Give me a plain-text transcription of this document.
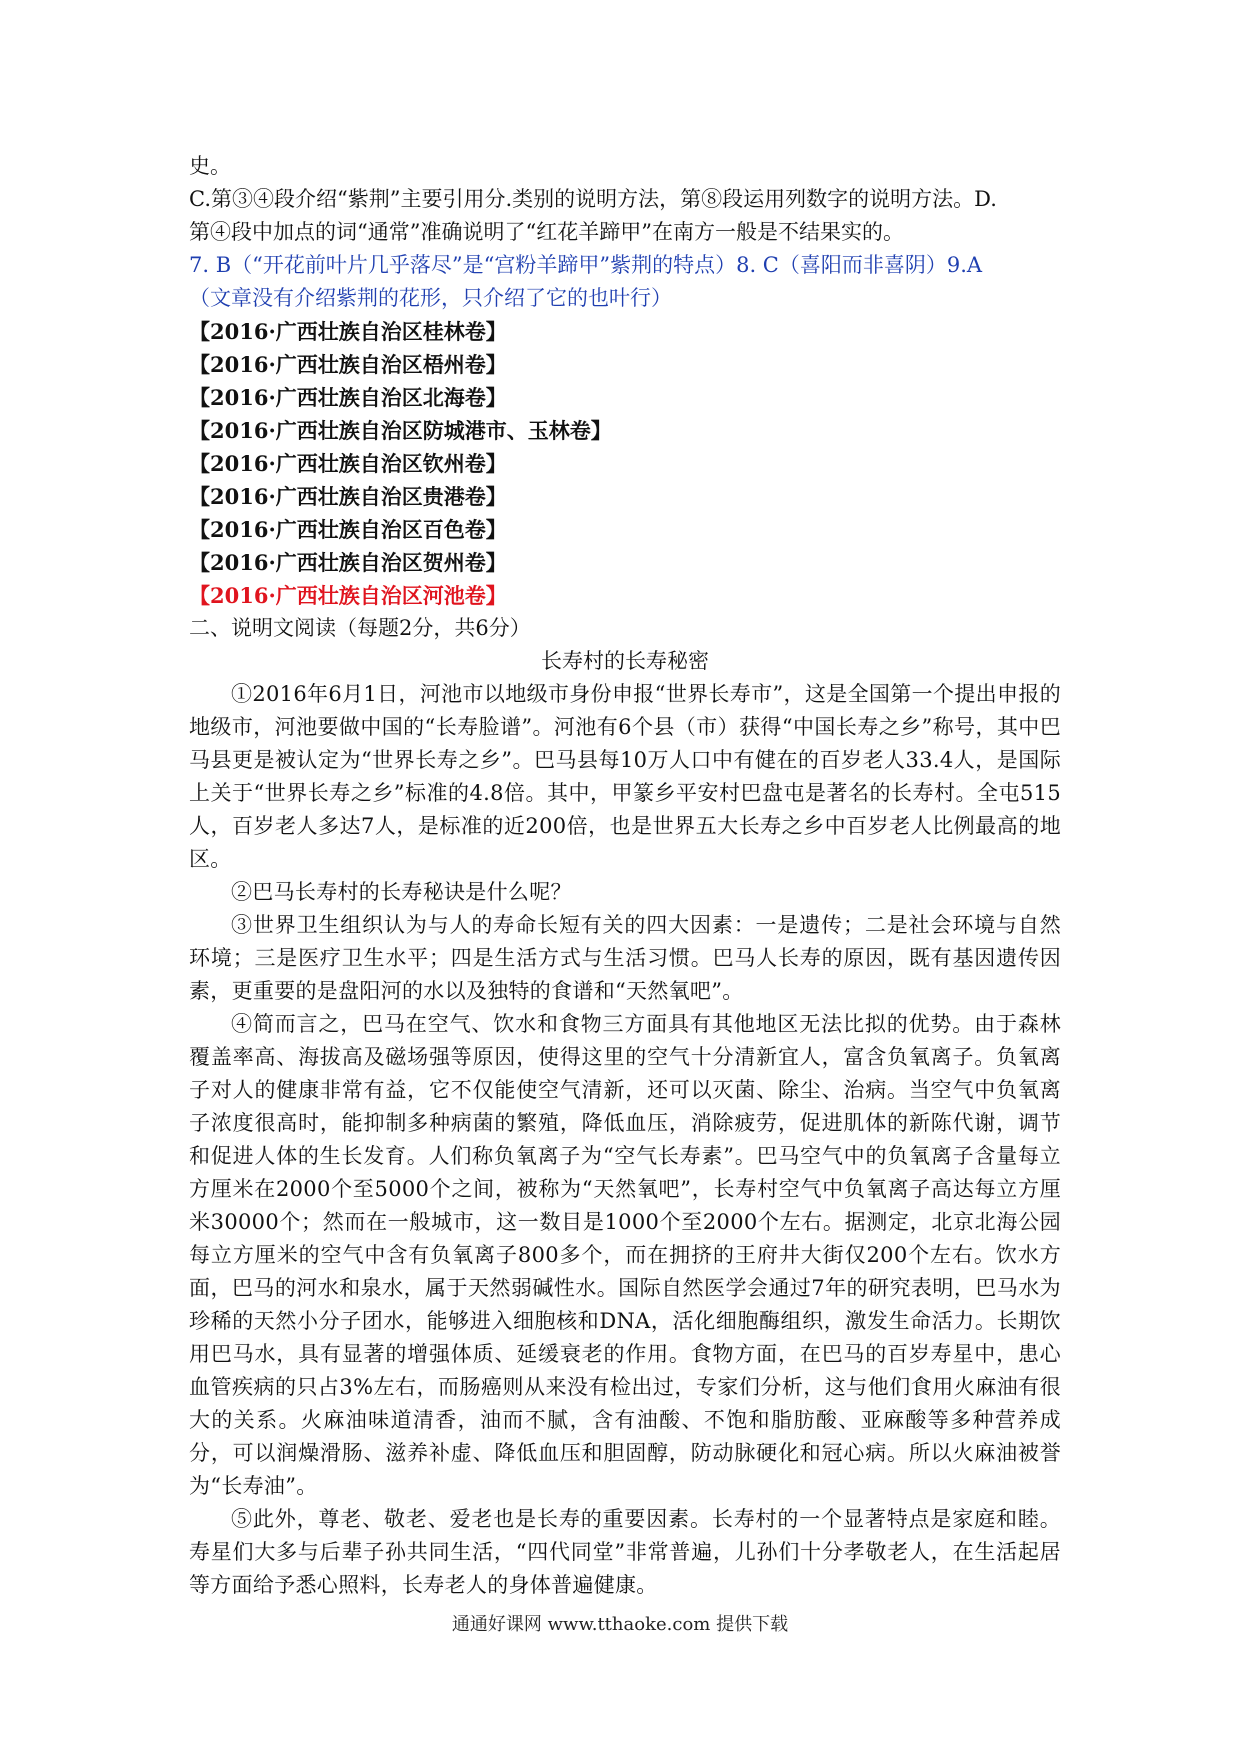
史。

C.第③④段介绍“紫荆”主要引用分.类别的说明方法，第⑧段运用列数字的说明方法。D.

第④段中加点的词“通常”准确说明了“红花羊蹄甲”在南方一般是不结果实的。

7. B（“开花前叶片几乎落尽”是“宫粉羊蹄甲”紫荆的特点）8. C（喜阳而非喜阴）9.A

（文章没有介绍紫荆的花形，只介绍了它的也叶行）

【2016·广西壮族自治区桂林卷】

【2016·广西壮族自治区梧州卷】

【2016·广西壮族自治区北海卷】

【2016·广西壮族自治区防城港市、玉林卷】

【2016·广西壮族自治区钦州卷】

【2016·广西壮族自治区贵港卷】

【2016·广西壮族自治区百色卷】

【2016·广西壮族自治区贺州卷】

【2016·广西壮族自治区河池卷】

二、说明文阅读（每题2分，共6分）

长寿村的长寿秘密

①2016年6月1日，河池市以地级市身份申报“世界长寿市”，这是全国第一个提出申报的地级市，河池要做中国的“长寿脸谱”。河池有6个县（市）获得“中国长寿之乡”称号，其中巴马县更是被认定为“世界长寿之乡”。巴马县每10万人口中有健在的百岁老人33.4人，是国际上关于“世界长寿之乡”标准的4.8倍。其中，甲篆乡平安村巴盘屯是著名的长寿村。全屯515人，百岁老人多达7人，是标准的近200倍，也是世界五大长寿之乡中百岁老人比例最高的地区。

②巴马长寿村的长寿秘诀是什么呢？

③世界卫生组织认为与人的寿命长短有关的四大因素：一是遗传；二是社会环境与自然环境；三是医疗卫生水平；四是生活方式与生活习惯。巴马人长寿的原因，既有基因遗传因素，更重要的是盘阳河的水以及独特的食谱和“天然氧吧”。

④简而言之，巴马在空气、饮水和食物三方面具有其他地区无法比拟的优势。由于森林覆盖率高、海拔高及磁场强等原因，使得这里的空气十分清新宜人，富含负氧离子。负氧离子对人的健康非常有益，它不仅能使空气清新，还可以灭菌、除尘、治病。当空气中负氧离子浓度很高时，能抑制多种病菌的繁殖，降低血压，消除疲劳，促进肌体的新陈代谢，调节和促进人体的生长发育。人们称负氧离子为“空气长寿素”。巴马空气中的负氧离子含量每立方厘米在2000个至5000个之间，被称为“天然氧吧”，长寿村空气中负氧离子高达每立方厘米30000个；然而在一般城市，这一数目是1000个至2000个左右。据测定，北京北海公园每立方厘米的空气中含有负氧离子800多个，而在拥挤的王府井大街仅200个左右。饮水方面，巴马的河水和泉水，属于天然弱碱性水。国际自然医学会通过7年的研究表明，巴马水为珍稀的天然小分子团水，能够进入细胞核和DNA，活化细胞酶组织，激发生命活力。长期饮用巴马水，具有显著的增强体质、延缓衰老的作用。食物方面，在巴马的百岁寿星中，患心血管疾病的只占3%左右，而肠癌则从来没有检出过，专家们分析，这与他们食用火麻油有很大的关系。火麻油味道清香，油而不腻，含有油酸、不饱和脂肪酸、亚麻酸等多种营养成分，可以润燥滑肠、滋养补虚、降低血压和胆固醇，防动脉硬化和冠心病。所以火麻油被誉为“长寿油”。

⑤此外，尊老、敬老、爱老也是长寿的重要因素。长寿村的一个显著特点是家庭和睦。寿星们大多与后辈子孙共同生活，“四代同堂”非常普遍，儿孙们十分孝敬老人，在生活起居等方面给予悉心照料，长寿老人的身体普遍健康。

通通好课网 www.tthaoke.com 提供下载
